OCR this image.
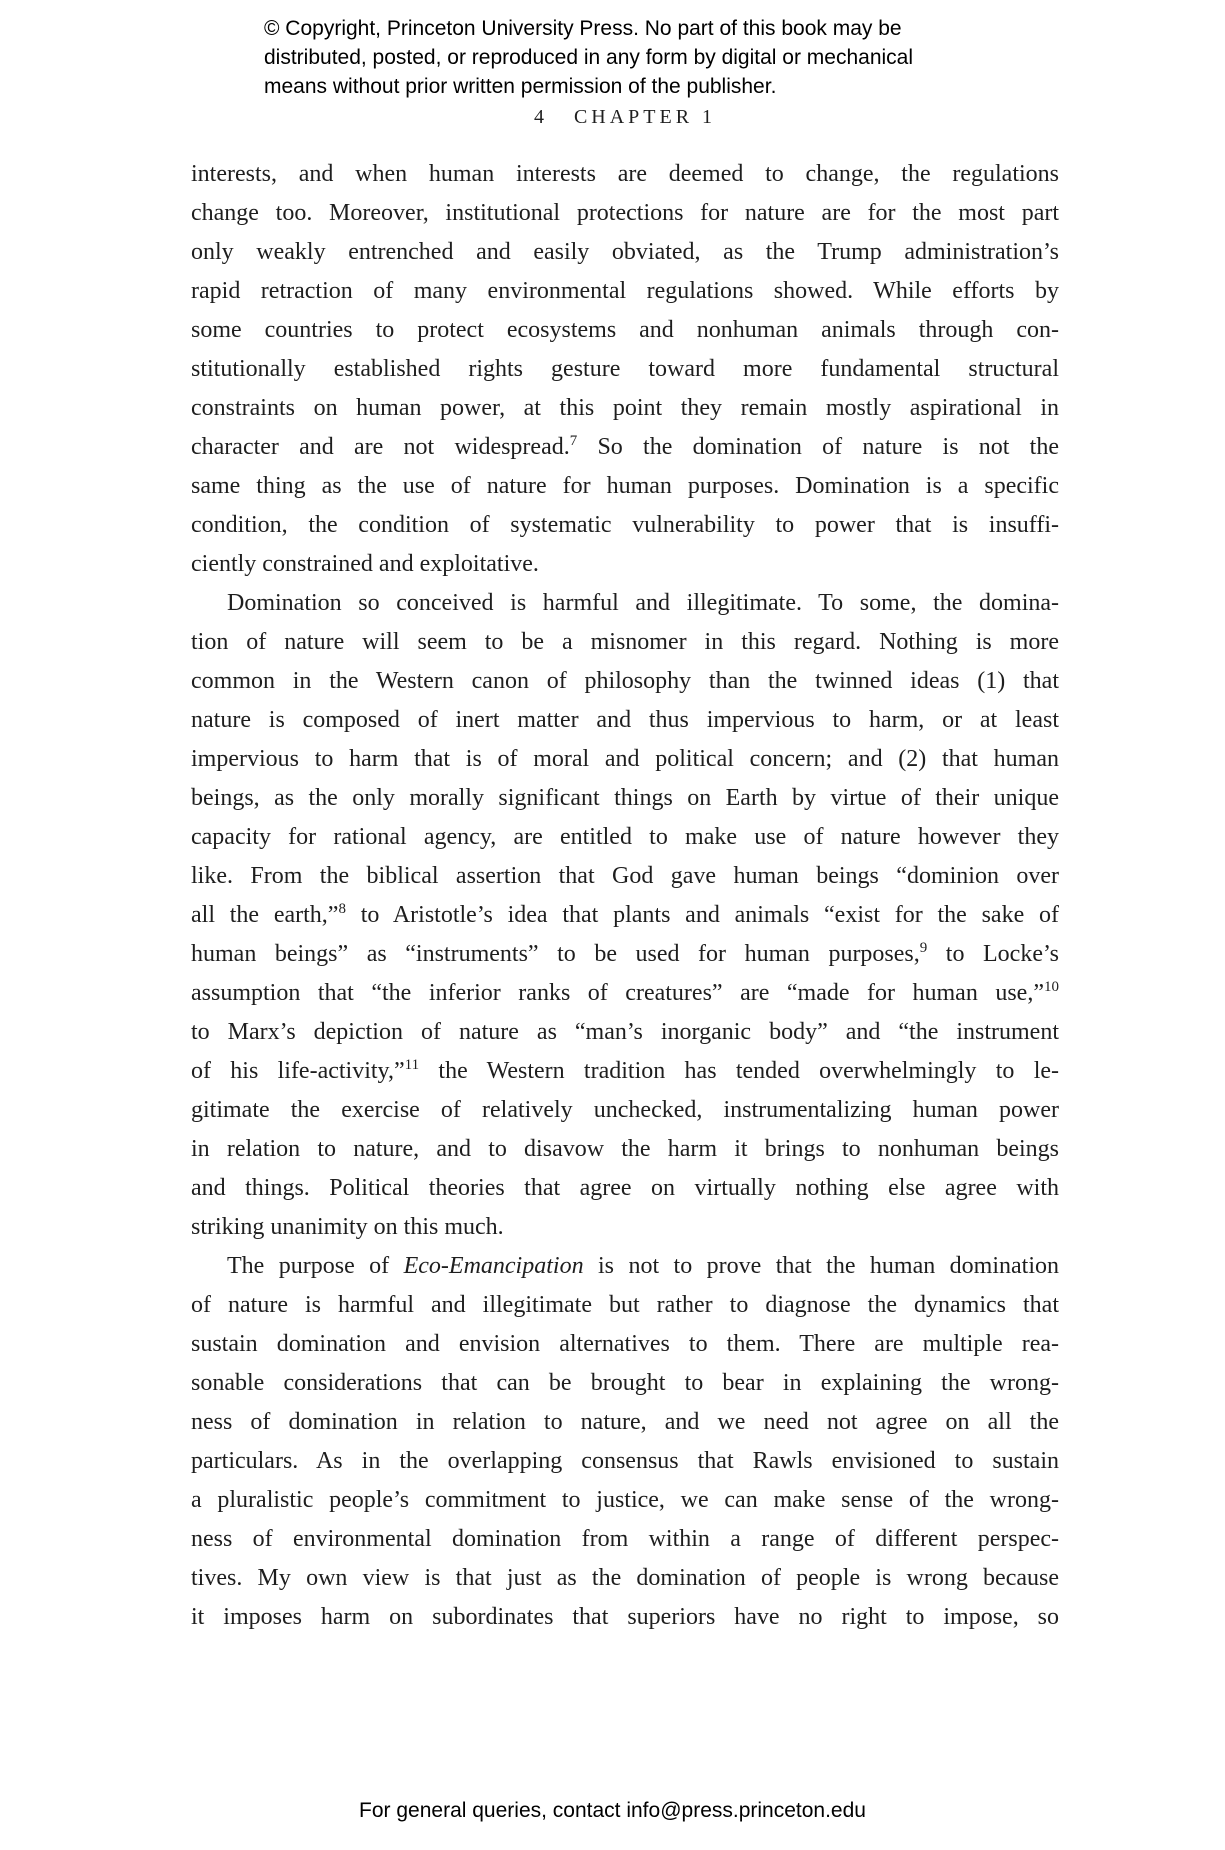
© Copyright, Princeton University Press. No part of this book may be
distributed, posted, or reproduced in any form by digital or mechanical
means without prior written permission of the publisher.
4 CHAPTER 1
interests, and when human interests are deemed to change, the regulations
change too. Moreover, institutional protections for nature are for the most part
only weakly entrenched and easily obviated, as the Trump administration’s
rapid retraction of many environmental regulations showed. While efforts by
some countries to protect ecosystems and nonhuman animals through con-
stitutionally established rights gesture toward more fundamental structural
constraints on human power, at this point they remain mostly aspirational in
character and are not widespread.$^7$ So the domination of nature is not the
same thing as the use of nature for human purposes. Domination is a specific
condition, the condition of systematic vulnerability to power that is insuffi-
ciently constrained and exploitative.
Domination so conceived is harmful and illegitimate. To some, the domina-
tion of nature will seem to be a misnomer in this regard. Nothing is more
common in the Western canon of philosophy than the twinned ideas (1) that
nature is composed of inert matter and thus impervious to harm, or at least
impervious to harm that is of moral and political concern; and (2) that human
beings, as the only morally significant things on Earth by virtue of their unique
capacity for rational agency, are entitled to make use of nature however they
like. From the biblical assertion that God gave human beings “dominion over
all the earth,”$^8$ to Aristotle’s idea that plants and animals “exist for the sake of
human beings” as “instruments” to be used for human purposes,$^9$ to Locke’s
assumption that “the inferior ranks of creatures” are “made for human use,”$^{10}$
to Marx’s depiction of nature as “man’s inorganic body” and “the instrument
of his life-activity,”$^{11}$ the Western tradition has tended overwhelmingly to le-
gitimate the exercise of relatively unchecked, instrumentalizing human power
in relation to nature, and to disavow the harm it brings to nonhuman beings
and things. Political theories that agree on virtually nothing else agree with
striking unanimity on this much.
The purpose of Eco-Emancipation is not to prove that the human domination
of nature is harmful and illegitimate but rather to diagnose the dynamics that
sustain domination and envision alternatives to them. There are multiple rea-
sonable considerations that can be brought to bear in explaining the wrong-
ness of domination in relation to nature, and we need not agree on all the
particulars. As in the overlapping consensus that Rawls envisioned to sustain
a pluralistic people’s commitment to justice, we can make sense of the wrong-
ness of environmental domination from within a range of different perspec-
tives. My own view is that just as the domination of people is wrong because
it imposes harm on subordinates that superiors have no right to impose, so
For general queries, contact info@press.princeton.edu
